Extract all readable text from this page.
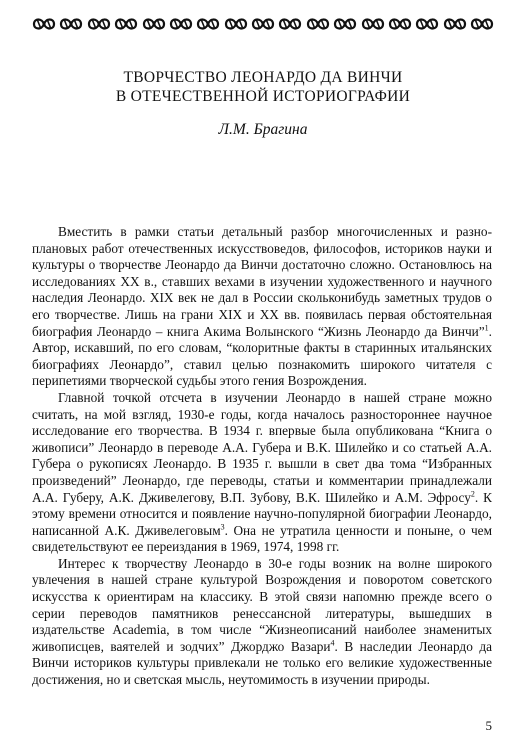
ТВОРЧЕСТВО ЛЕОНАРДО ДА ВИНЧИ
В ОТЕЧЕСТВЕННОЙ ИСТОРИОГРАФИИ
Л.М. Брагина

Вместить в рамки статьи детальный разбор многочисленных и разноплановых работ отечественных искусствоведов, философов, историков науки и культуры о творчестве Леонардо да Винчи достаточно сложно. Остановлюсь на исследованиях XX в., ставших вехами в изучении художественного и научного наследия Леонардо. XIX век не дал в России скольконибудь заметных трудов о его творчестве. Лишь на грани XIX и XX вв. появилась первая обстоятельная биография Леонардо – книга Акима Волынского “Жизнь Леонардо да Винчи”$^1$. Автор, искавший, по его словам, “колоритные факты в старинных итальянских биографиях Леонардо”, ставил целью познакомить широкого читателя с перипетиями творческой судьбы этого гения Возрождения.

Главной точкой отсчета в изучении Леонардо в нашей стране можно считать, на мой взгляд, 1930-е годы, когда началось разностороннее научное исследование его творчества. В 1934 г. впервые была опубликована “Книга о живописи” Леонардо в переводе А.А. Губера и В.К. Шилейко и со статьей А.А. Губера о рукописях Леонардо. В 1935 г. вышли в свет два тома “Избранных произведений” Леонардо, где переводы, статьи и комментарии принадлежали А.А. Губеру, А.К. Дживелегову, В.П. Зубову, В.К. Шилейко и А.М. Эфросу$^2$. К этому времени относится и появление научно-популярной биографии Леонардо, написанной А.К. Дживелеговым$^3$. Она не утратила ценности и поныне, о чем свидетельствуют ее переиздания в 1969, 1974, 1998 гг.

Интерес к творчеству Леонардо в 30-е годы возник на волне широкого увлечения в нашей стране культурой Возрождения и поворотом советского искусства к ориентирам на классику. В этой связи напомню прежде всего о серии переводов памятников ренессансной литературы, вышедших в издательстве Academia, в том числе “Жизнеописаний наиболее знаменитых живописцев, ваятелей и зодчих” Джорджо Вазари$^4$. В наследии Леонардо да Винчи историков культуры привлекали не только его великие художественные достижения, но и светская мысль, неутомимость в изучении природы.

5
